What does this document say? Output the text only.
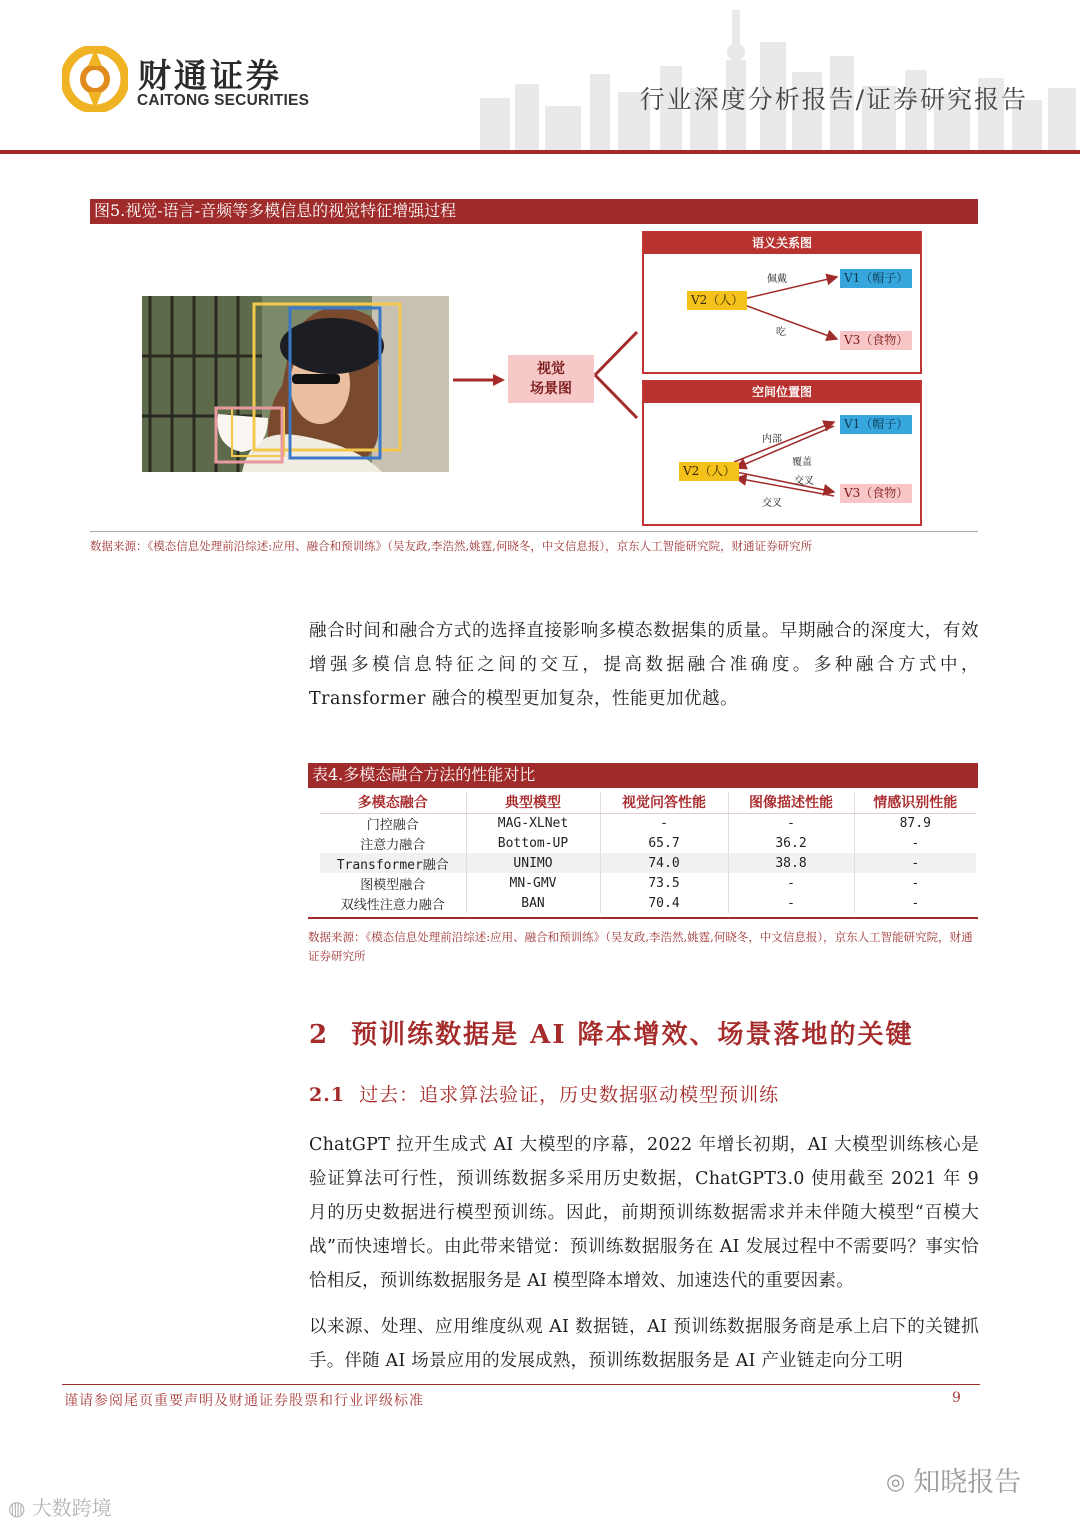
财通证券
CAITONG SECURITIES	行业深度分析报告/证券研究报告
图5.视觉-语言-音频等多模信息的视觉特征增强过程
视觉
场景图
语义关系图
V2（人）
V1（帽子）
V3（食物）
佩戴
吃
空间位置图
V2（人）
V1（帽子）
V3（食物）
内部
覆盖
交叉
交叉
数据来源：《模态信息处理前沿综述:应用、融合和预训练》（吴友政,李浩然,姚霆,何晓冬，中文信息报），京东人工智能研究院，财通证券研究所
融合时间和融合方式的选择直接影响多模态数据集的质量。早期融合的深度大，有效增强多模信息特征之间的交互，提高数据融合准确度。多种融合方式中，Transformer 融合的模型更加复杂，性能更加优越。
表4.多模态融合方法的性能对比
多模态融合	典型模型	视觉问答性能	图像描述性能	情感识别性能
门控融合	MAG-XLNet	-	-	87.9
注意力融合	Bottom-UP	65.7	36.2	-
Transformer融合	UNIMO	74.0	38.8	-
图模型融合	MN-GMV	73.5	-	-
双线性注意力融合	BAN	70.4	-	-
数据来源：《模态信息处理前沿综述:应用、融合和预训练》（吴友政,李浩然,姚霆,何晓冬，中文信息报），京东人工智能研究院，财通证券研究所
2 预训练数据是 AI 降本增效、场景落地的关键
2.1 过去：追求算法验证，历史数据驱动模型预训练
ChatGPT 拉开生成式 AI 大模型的序幕，2022 年增长初期，AI 大模型训练核心是验证算法可行性，预训练数据多采用历史数据，ChatGPT3.0 使用截至 2021 年 9 月的历史数据进行模型预训练。因此，前期预训练数据需求并未伴随大模型“百模大战”而快速增长。由此带来错觉：预训练数据服务在 AI 发展过程中不需要吗？事实恰恰相反，预训练数据服务是 AI 模型降本增效、加速迭代的重要因素。
以来源、处理、应用维度纵观 AI 数据链，AI 预训练数据服务商是承上启下的关键抓手。伴随 AI 场景应用的发展成熟，预训练数据服务是 AI 产业链走向分工明
谨请参阅尾页重要声明及财通证券股票和行业评级标准	9
◎ 知晓报告
◍ 大数跨境
